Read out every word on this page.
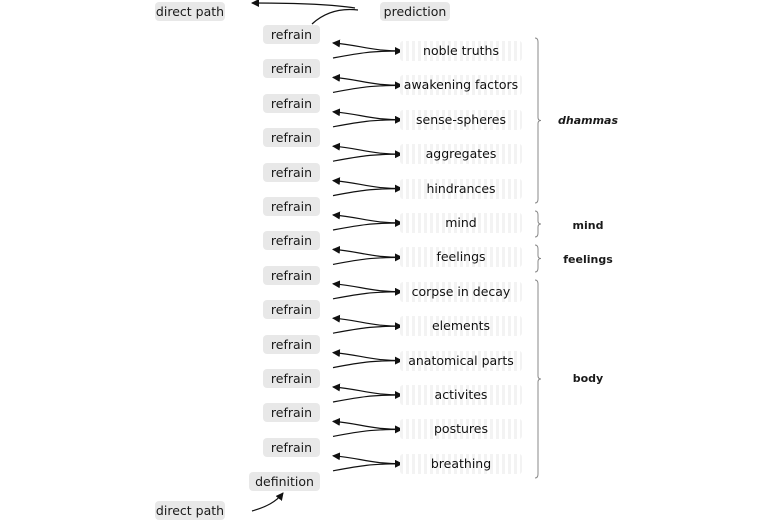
direct path	prediction
refrain
refrain
refrain
refrain
refrain
refrain
refrain
refrain
refrain
refrain
refrain
refrain
refrain
noble truths
awakening factors
sense-spheres
aggregates
hindrances
mind
feelings
corpse in decay
elements
anatomical parts
activites
postures
breathing
dhammas
mind
feelings
body
definition
direct path
